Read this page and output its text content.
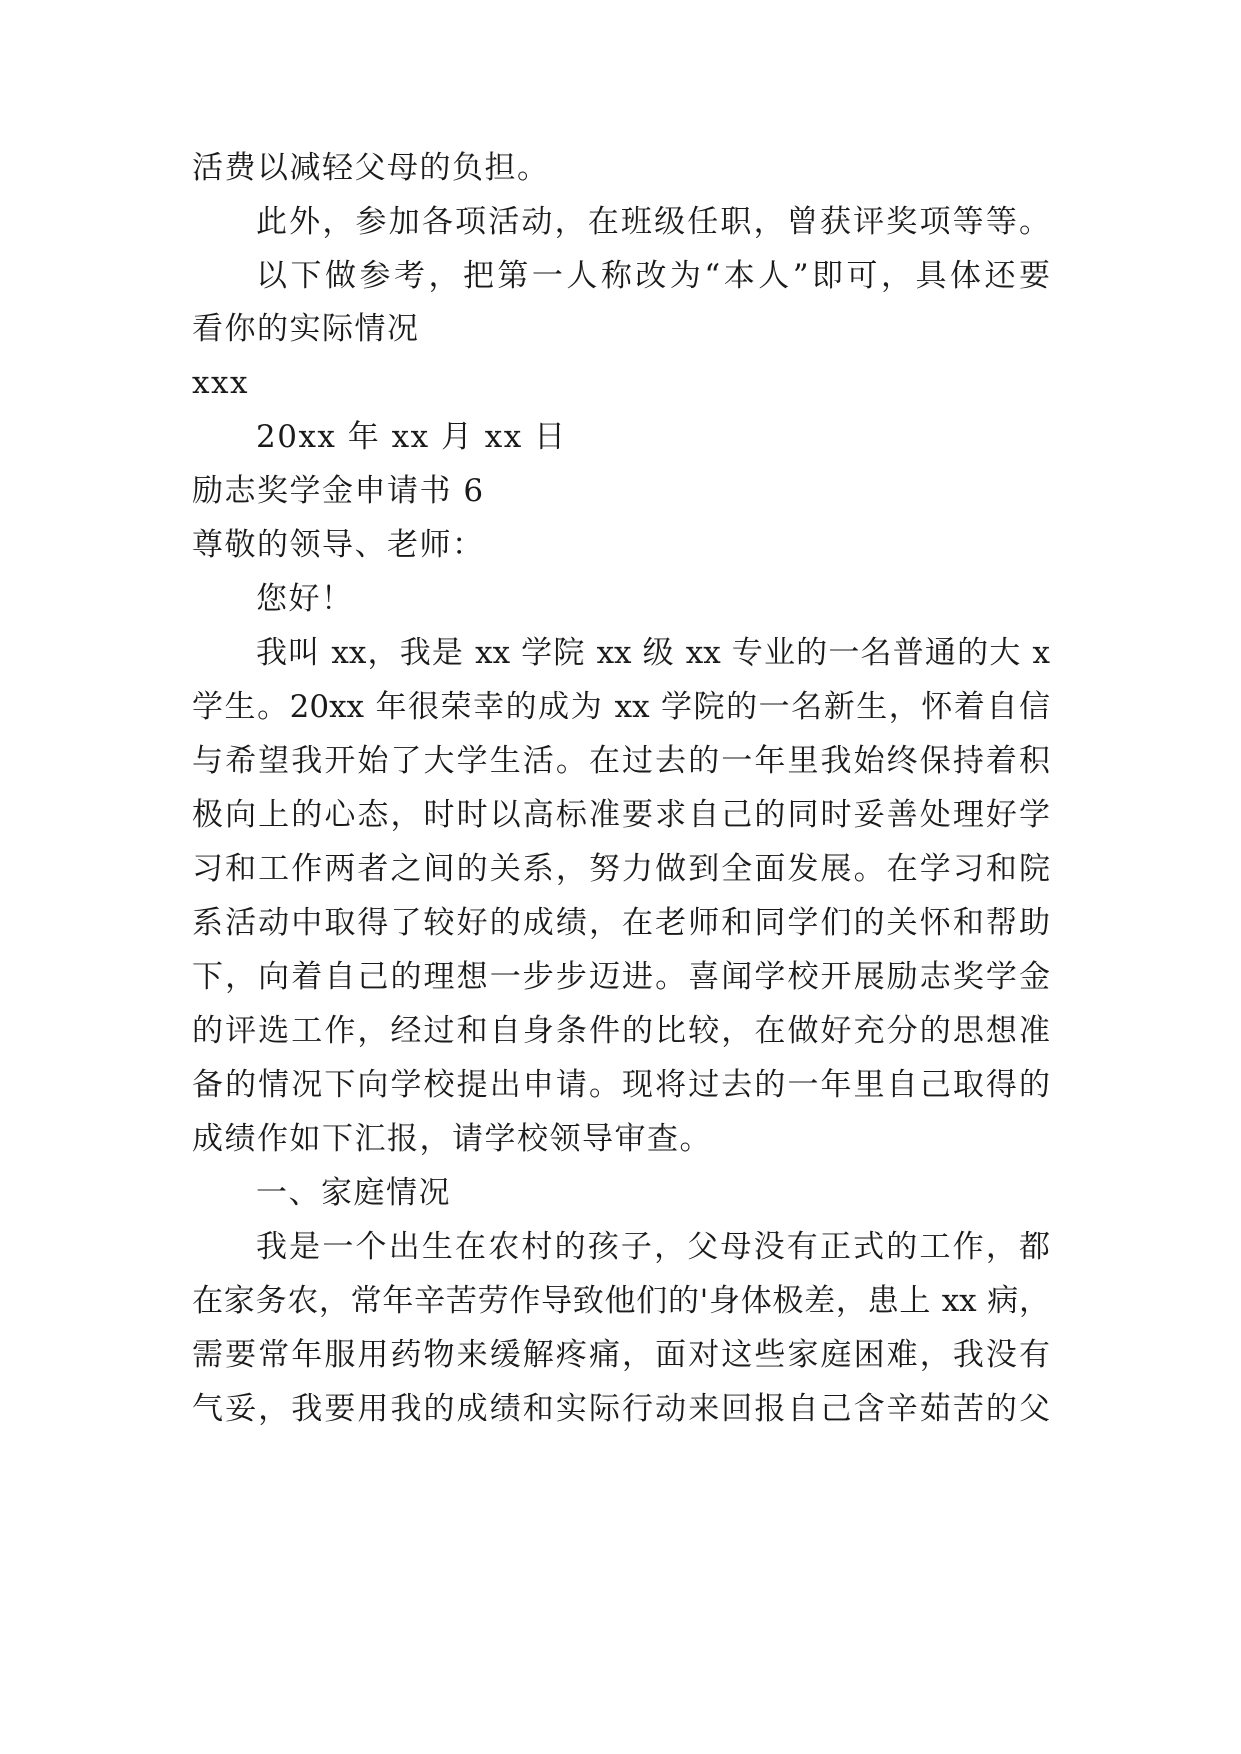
活费以减轻父母的负担。
此外，参加各项活动，在班级任职，曾获评奖项等等。
以下做参考，把第一人称改为“本人”即可，具体还要
看你的实际情况
xxx
20xx 年 xx 月 xx 日
励志奖学金申请书 6
尊敬的领导、老师：
您好！
我叫 xx，我是 xx 学院 xx 级 xx 专业的一名普通的大 x
学生。20xx 年很荣幸的成为 xx 学院的一名新生，怀着自信
与希望我开始了大学生活。在过去的一年里我始终保持着积
极向上的心态，时时以高标准要求自己的同时妥善处理好学
习和工作两者之间的关系，努力做到全面发展。在学习和院
系活动中取得了较好的成绩，在老师和同学们的关怀和帮助
下，向着自己的理想一步步迈进。喜闻学校开展励志奖学金
的评选工作，经过和自身条件的比较，在做好充分的思想准
备的情况下向学校提出申请。现将过去的一年里自己取得的
成绩作如下汇报，请学校领导审查。
一、家庭情况
我是一个出生在农村的孩子，父母没有正式的工作，都
在家务农，常年辛苦劳作导致他们的'身体极差，患上 xx 病，
需要常年服用药物来缓解疼痛，面对这些家庭困难，我没有
气妥，我要用我的成绩和实际行动来回报自己含辛茹苦的父
